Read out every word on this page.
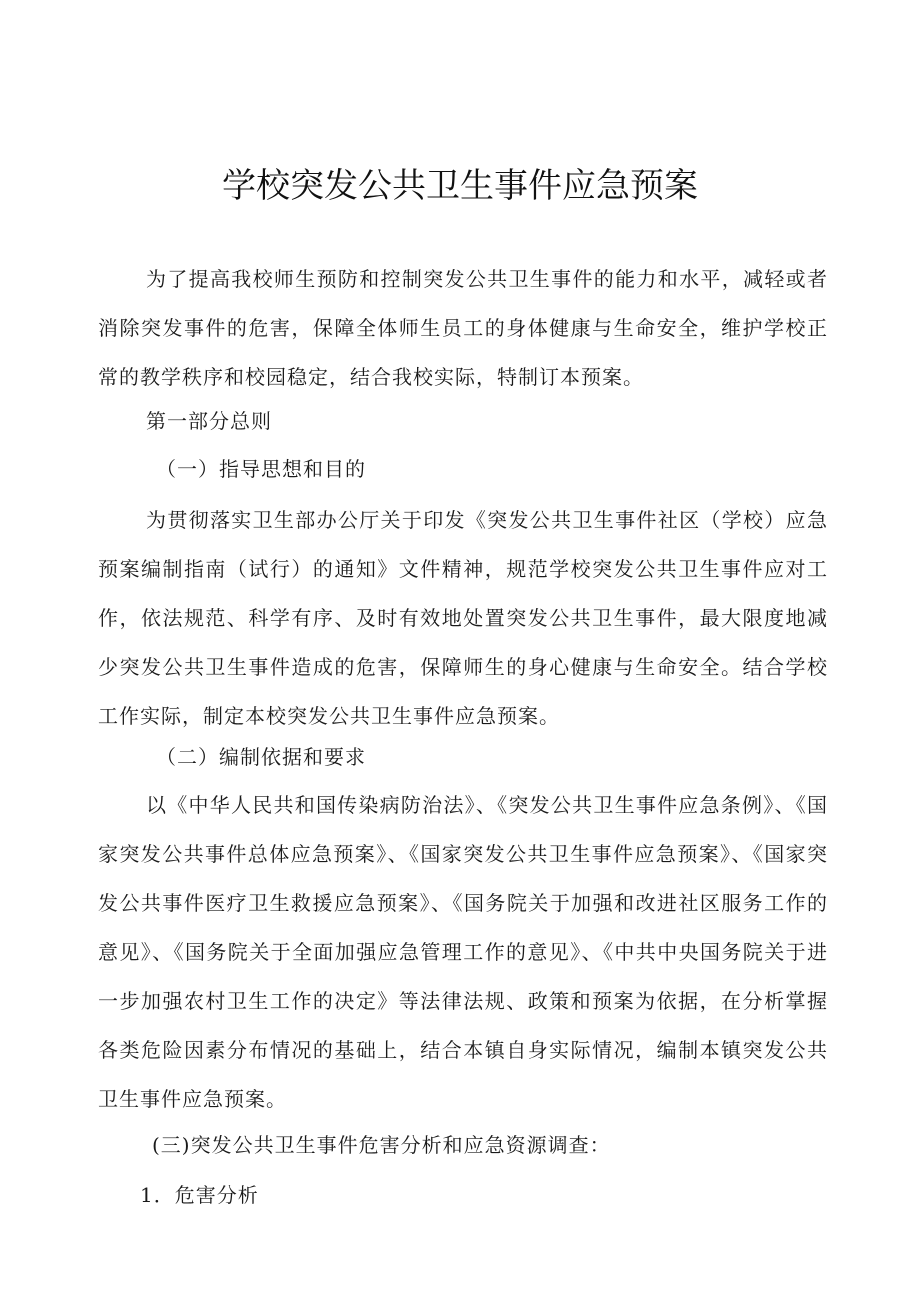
学校突发公共卫生事件应急预案

为了提高我校师生预防和控制突发公共卫生事件的能力和水平，减轻或者消除突发事件的危害，保障全体师生员工的身体健康与生命安全，维护学校正常的教学秩序和校园稳定，结合我校实际，特制订本预案。

第一部分总则

（一）指导思想和目的

为贯彻落实卫生部办公厅关于印发《突发公共卫生事件社区（学校）应急预案编制指南（试行）的通知》文件精神，规范学校突发公共卫生事件应对工作，依法规范、科学有序、及时有效地处置突发公共卫生事件，最大限度地减少突发公共卫生事件造成的危害，保障师生的身心健康与生命安全。结合学校工作实际，制定本校突发公共卫生事件应急预案。

（二）编制依据和要求

以《中华人民共和国传染病防治法》、《突发公共卫生事件应急条例》、《国家突发公共事件总体应急预案》、《国家突发公共卫生事件应急预案》、《国家突发公共事件医疗卫生救援应急预案》、《国务院关于加强和改进社区服务工作的意见》、《国务院关于全面加强应急管理工作的意见》、《中共中央国务院关于进一步加强农村卫生工作的决定》等法律法规、政策和预案为依据，在分析掌握各类危险因素分布情况的基础上，结合本镇自身实际情况，编制本镇突发公共卫生事件应急预案。

(三)突发公共卫生事件危害分析和应急资源调查：

1．危害分析
